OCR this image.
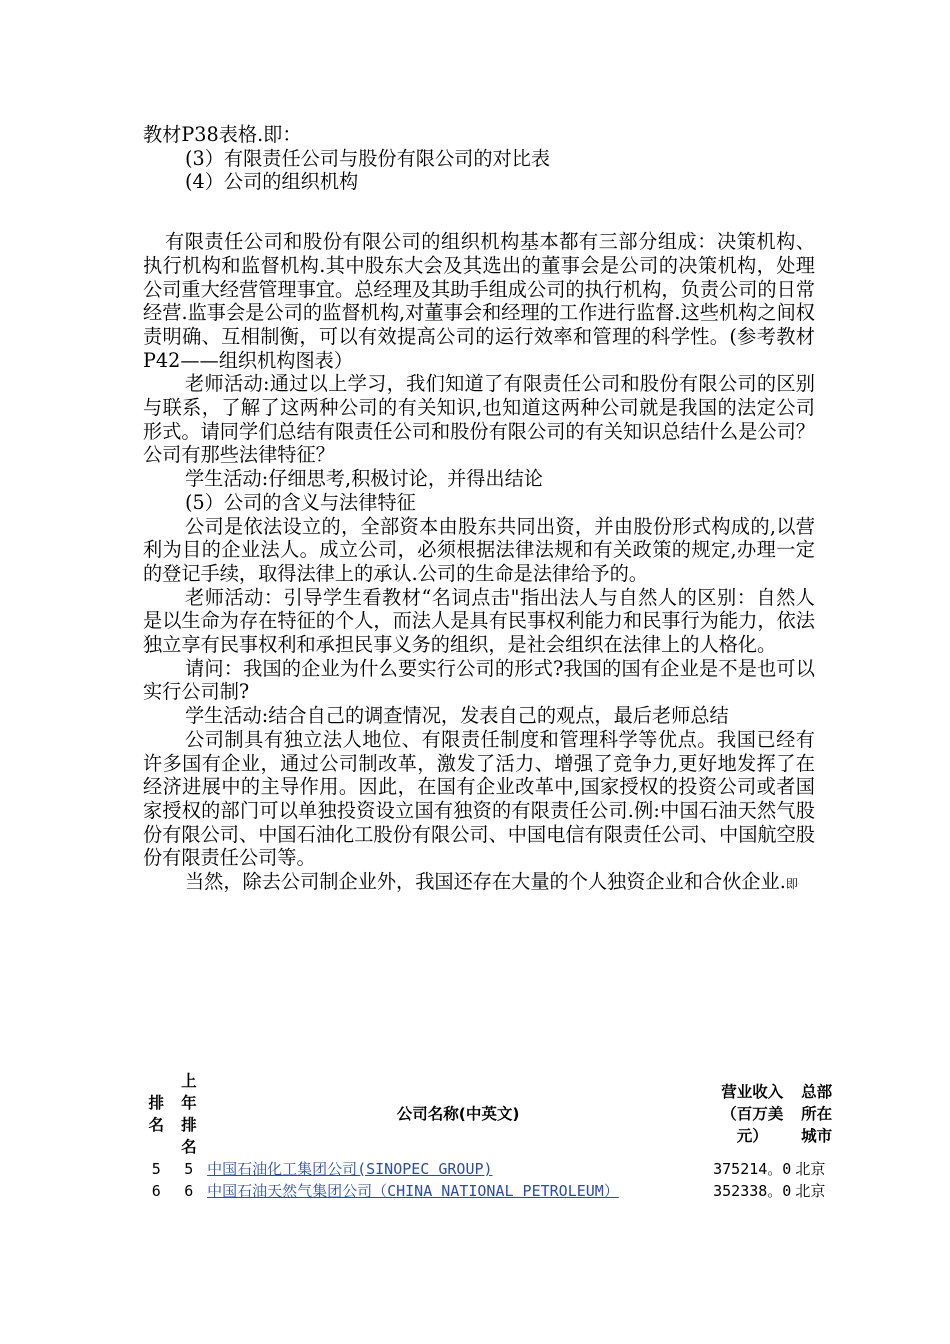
教材P38表格.即：

(3）有限责任公司与股份有限公司的对比表

(4）公司的组织机构

有限责任公司和股份有限公司的组织机构基本都有三部分组成：决策机构、执行机构和监督机构.其中股东大会及其选出的董事会是公司的决策机构，处理公司重大经营管理事宜。总经理及其助手组成公司的执行机构，负责公司的日常经营.监事会是公司的监督机构,对董事会和经理的工作进行监督.这些机构之间权责明确、互相制衡，可以有效提高公司的运行效率和管理的科学性。(参考教材P42——组织机构图表）

老师活动:通过以上学习，我们知道了有限责任公司和股份有限公司的区别与联系，了解了这两种公司的有关知识,也知道这两种公司就是我国的法定公司形式。请同学们总结有限责任公司和股份有限公司的有关知识总结什么是公司？公司有那些法律特征？

学生活动:仔细思考,积极讨论，并得出结论

(5）公司的含义与法律特征

公司是依法设立的，全部资本由股东共同出资，并由股份形式构成的,以营利为目的企业法人。成立公司，必须根据法律法规和有关政策的规定,办理一定的登记手续，取得法律上的承认.公司的生命是法律给予的。

老师活动：引导学生看教材“名词点击"指出法人与自然人的区别：自然人是以生命为存在特征的个人，而法人是具有民事权利能力和民事行为能力，依法独立享有民事权利和承担民事义务的组织，是社会组织在法律上的人格化。

请问：我国的企业为什么要实行公司的形式?我国的国有企业是不是也可以实行公司制?

学生活动:结合自己的调查情况，发表自己的观点，最后老师总结

公司制具有独立法人地位、有限责任制度和管理科学等优点。我国已经有许多国有企业，通过公司制改革，激发了活力、增强了竞争力,更好地发挥了在经济进展中的主导作用。因此，在国有企业改革中,国家授权的投资公司或者国家授权的部门可以单独投资设立国有独资的有限责任公司.例:中国石油天然气股份有限公司、中国石油化工股份有限公司、中国电信有限责任公司、中国航空股份有限责任公司等。

当然，除去公司制企业外，我国还存在大量的个人独资企业和合伙企业.即

排名	上年排名	公司名称(中英文)	营业收入（百万美元）	总部所在城市
5	5	中国石油化工集团公司(SINOPEC GROUP)	375214。0	北京
6	6	中国石油天然气集团公司（CHINA NATIONAL PETROLEUM）	352338。0	北京
